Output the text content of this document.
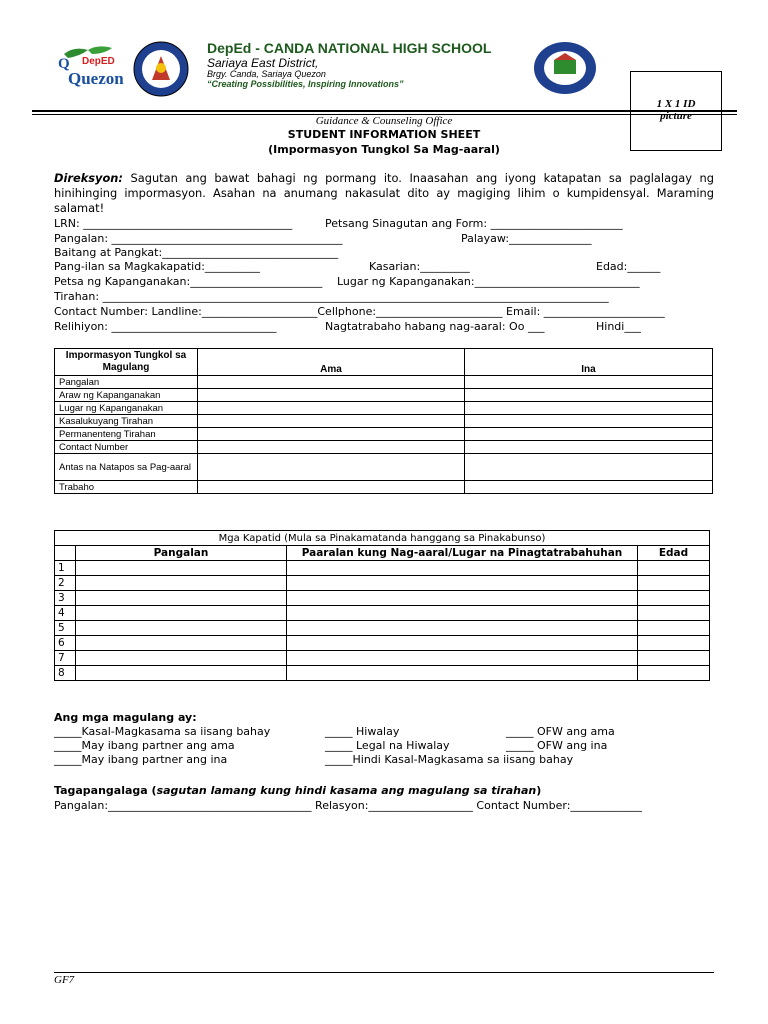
Q DepED
Quezon
DepEd - CANDA NATIONAL HIGH SCHOOL
Sariaya East District,
Brgy. Canda, Sariaya Quezon
“Creating Possibilities, Inspiring Innovations”
1 X 1 ID
picture
Guidance & Counseling Office
STUDENT INFORMATION SHEET
(Impormasyon Tungkol Sa Mag-aaral)
Direksyon: Sagutan ang bawat bahagi ng pormang ito. Inaasahan ang iyong katapatan sa paglalagay ng hinihinging impormasyon. Asahan na anumang nakasulat dito ay magiging lihim o kumpidensyal. Maraming salamat!
LRN: ______________________________________	Petsang Sinagutan ang Form: ________________________
Pangalan: __________________________________________	Palayaw:_______________
Baitang at Pangkat:________________________________
Pang-ilan sa Magkakapatid:__________	Kasarian:_________	Edad:______
Petsa ng Kapanganakan:________________________ Lugar ng Kapanganakan:______________________________
Tirahan: ____________________________________________________________________________________________
Contact Number: Landline:_____________________Cellphone:_______________________ Email: ______________________
Relihiyon: ______________________________	Nagtatrabaho habang nag-aaral: Oo ___	Hindi___
Impormasyon Tungkol sa Magulang	Ama	Ina
Pangalan		
Araw ng Kapanganakan		
Lugar ng Kapanganakan		
Kasalukuyang Tirahan		
Permanenteng Tirahan		
Contact Number		
Antas na Natapos sa Pag-aaral		
Trabaho		
Mga Kapatid (Mula sa Pinakamatanda hanggang sa Pinakabunso)			
	Pangalan	Paaralan kung Nag-aaral/Lugar na Pinagtatrabahuhan	Edad
1			
2			
3			
4			
5			
6			
7			
8			
Ang mga magulang ay:
_____Kasal-Magkasama sa iisang bahay	_____ Hiwalay	_____ OFW ang ama
_____May ibang partner ang ama	_____ Legal na Hiwalay	_____ OFW ang ina
_____May ibang partner ang ina	_____Hindi Kasal-Magkasama sa iisang bahay
Tagapangalaga (sagutan lamang kung hindi kasama ang magulang sa tirahan)
Pangalan:_____________________________________ Relasyon:___________________ Contact Number:_____________
GF7
